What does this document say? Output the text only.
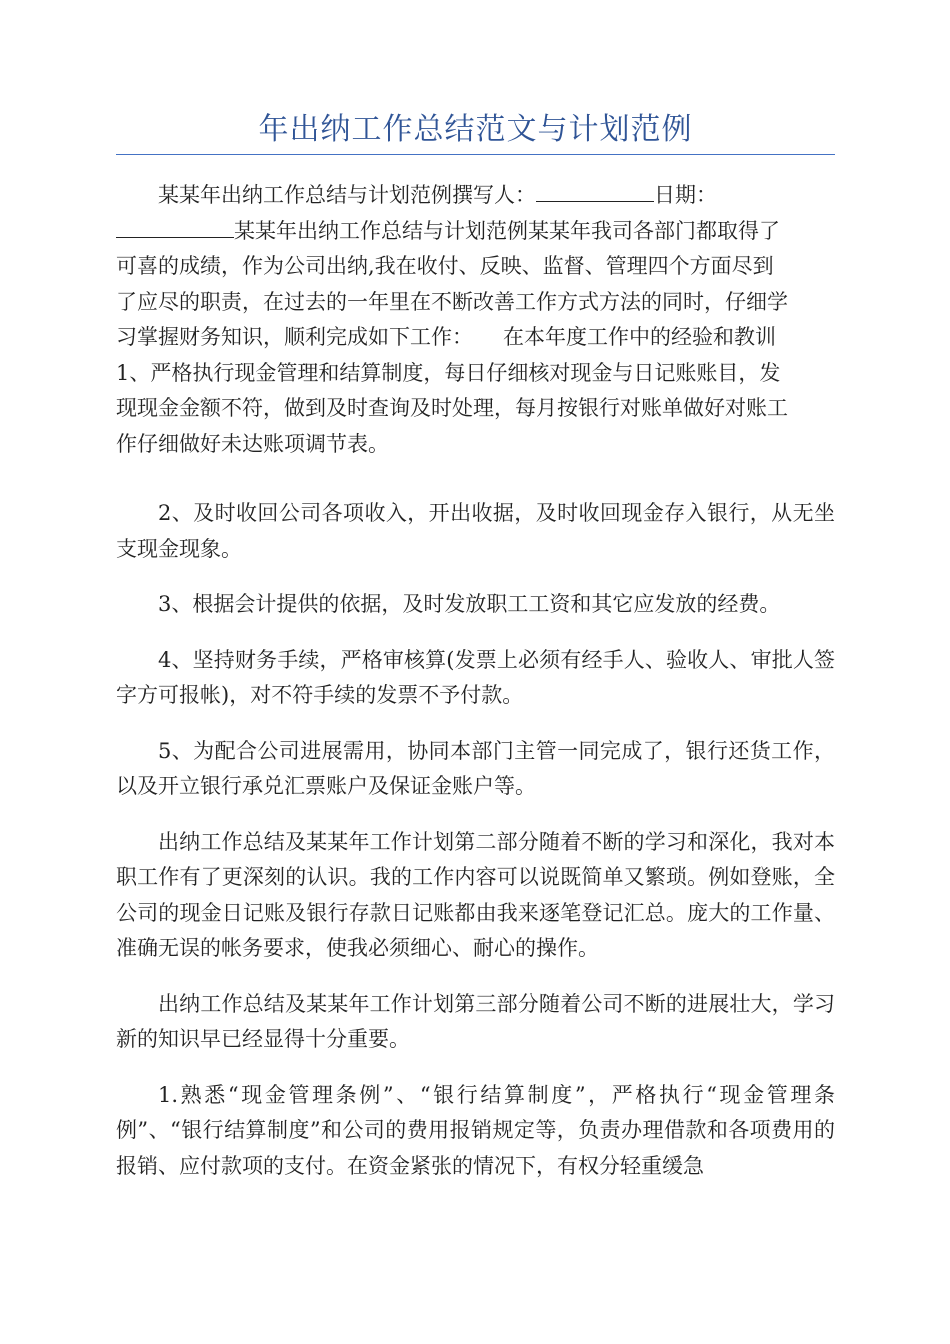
年出纳工作总结范文与计划范例
某某年出纳工作总结与计划范例撰写人：	日期：
某某年出纳工作总结与计划范例某某年我司各部门都取得了
可喜的成绩，作为公司出纳,我在收付、反映、监督、管理四个方面尽到
了应尽的职责，在过去的一年里在不断改善工作方式方法的同时，仔细学
习掌握财务知识，顺利完成如下工作： 在本年度工作中的经验和教训
1、严格执行现金管理和结算制度，每日仔细核对现金与日记账账目，发
现现金金额不符，做到及时查询及时处理，每月按银行对账单做好对账工
作仔细做好未达账项调节表。

2、及时收回公司各项收入，开出收据，及时收回现金存入银行，从无坐支现金现象。

3、根据会计提供的依据，及时发放职工工资和其它应发放的经费。

4、坚持财务手续，严格审核算(发票上必须有经手人、验收人、审批人签字方可报帐)，对不符手续的发票不予付款。

5、为配合公司进展需用，协同本部门主管一同完成了，银行还货工作，以及开立银行承兑汇票账户及保证金账户等。

出纳工作总结及某某年工作计划第二部分随着不断的学习和深化，我对本职工作有了更深刻的认识。我的工作内容可以说既简单又繁琐。例如登账，全公司的现金日记账及银行存款日记账都由我来逐笔登记汇总。庞大的工作量、准确无误的帐务要求，使我必须细心、耐心的操作。

出纳工作总结及某某年工作计划第三部分随着公司不断的进展壮大，学习新的知识早已经显得十分重要。

1.熟悉“现金管理条例”、“银行结算制度”，严格执行“现金管理条例”、“银行结算制度”和公司的费用报销规定等，负责办理借款和各项费用的报销、应付款项的支付。在资金紧张的情况下，有权分轻重缓急
